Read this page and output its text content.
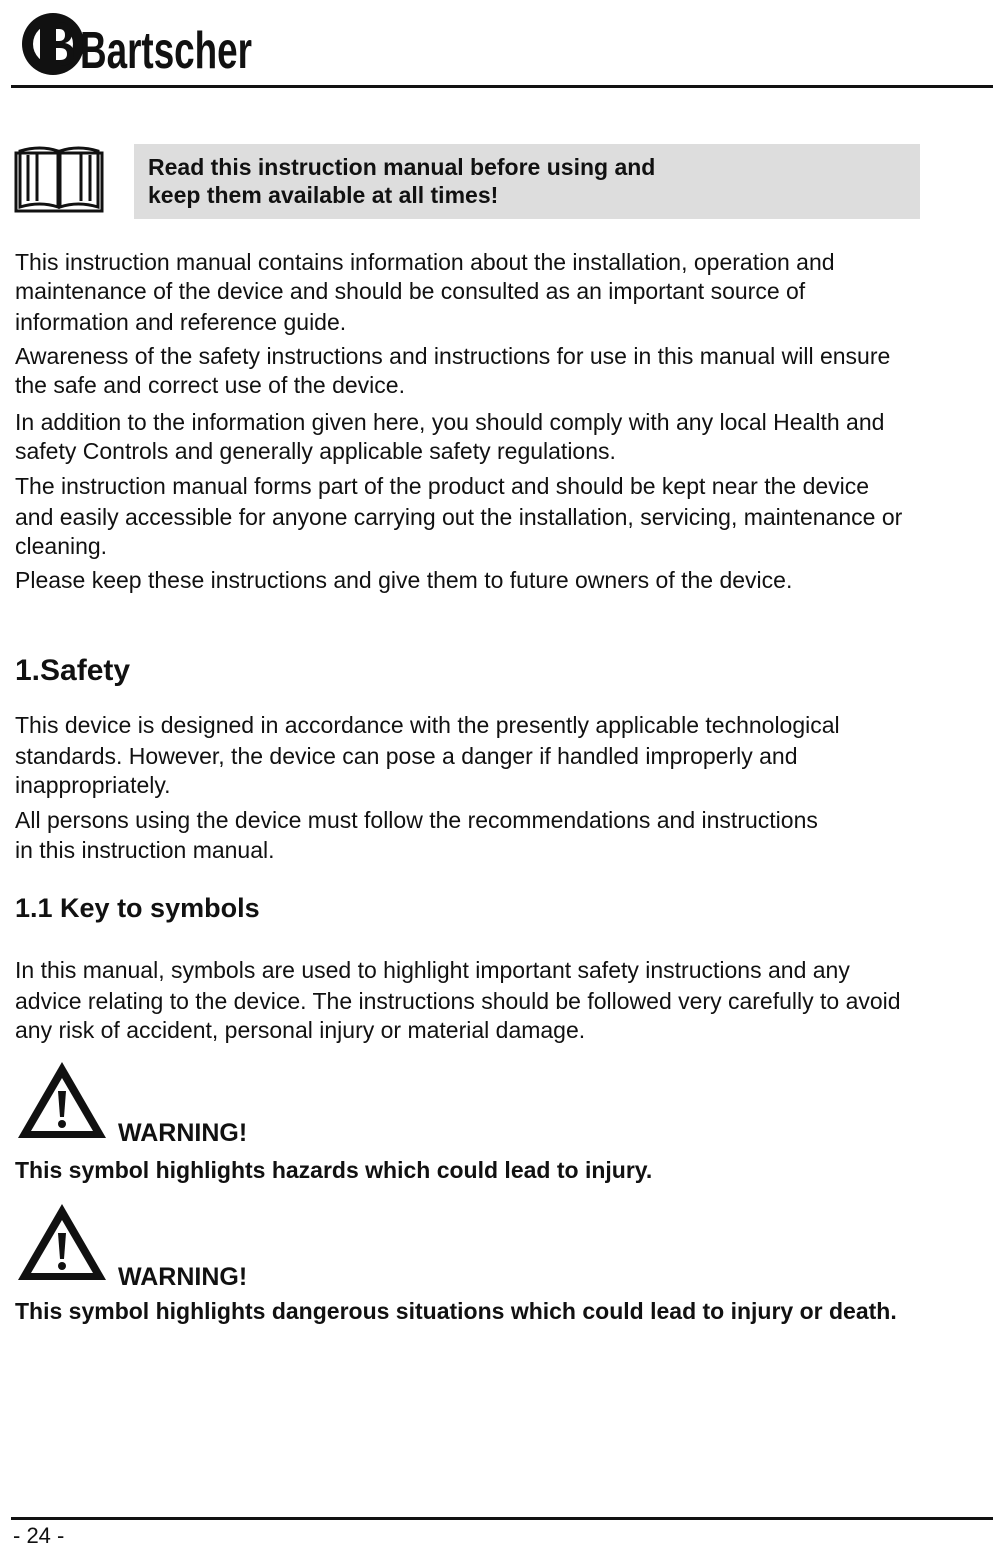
Bartscher
Read this instruction manual before using and
keep them available at all times!

This instruction manual contains information about the installation, operation and
maintenance of the device and should be consulted as an important source of
information and reference guide.

Awareness of the safety instructions and instructions for use in this manual will ensure
the safe and correct use of the device.

In addition to the information given here, you should comply with any local Health and
safety Controls and generally applicable safety regulations.

The instruction manual forms part of the product and should be kept near the device
and easily accessible for anyone carrying out the installation, servicing, maintenance or
cleaning.

Please keep these instructions and give them to future owners of the device.

1.Safety

This device is designed in accordance with the presently applicable technological
standards. However, the device can pose a danger if handled improperly and
inappropriately.

All persons using the device must follow the recommendations and instructions
in this instruction manual.

1.1 Key to symbols

In this manual, symbols are used to highlight important safety instructions and any
advice relating to the device. The instructions should be followed very carefully to avoid
any risk of accident, personal injury or material damage.

WARNING!
This symbol highlights hazards which could lead to injury.
WARNING!
This symbol highlights dangerous situations which could lead to injury or death.
- 24 -
